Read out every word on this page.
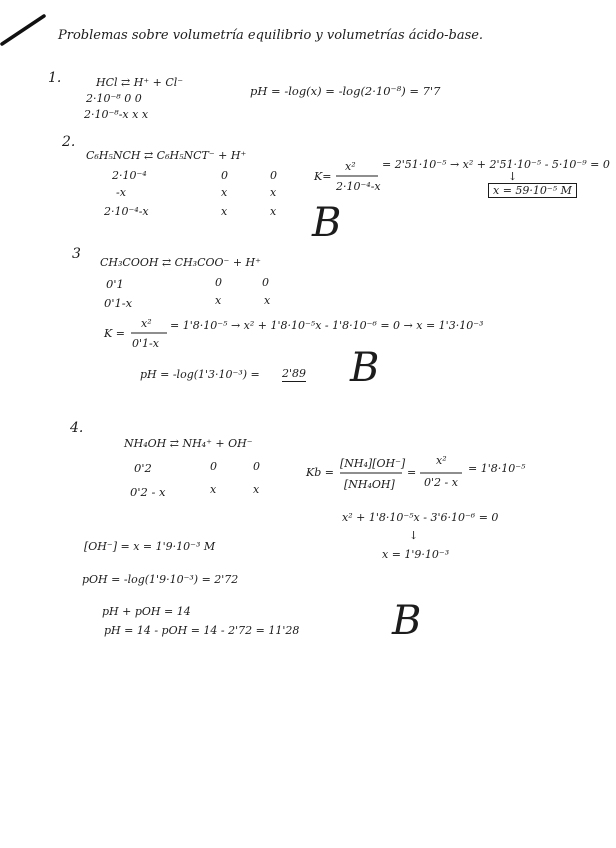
Problemas sobre volumetría equilibrio y volumetrías ácido-base.
1.	HCl ⇄ H⁺ + Cl⁻
2·10⁻⁸ 0 0
2·10⁻⁸-x x x
pH = -log(x) = -log(2·10⁻⁸) = 7'7
2.
C₆H₅NCH ⇄ C₆H₅NCT⁻ + H⁺
2·10⁻⁴	0	0
-x	x	x
2·10⁻⁴-x	x	x
K=
x²
2·10⁻⁴-x
= 2'51·10⁻⁵ → x² + 2'51·10⁻⁵ - 5·10⁻⁹ = 0
↓
x = 59·10⁻⁵ M
B
3
CH₃COOH ⇄ CH₃COO⁻ + H⁺
0'1	0	0
0'1-x	x	x
K =
x²
0'1-x
= 1'8·10⁻⁵ → x² + 1'8·10⁻⁵x - 1'8·10⁻⁶ = 0 → x = 1'3·10⁻³
pH = -log(1'3·10⁻³) = 2'89 B
4.
NH₄OH ⇄ NH₄⁺ + OH⁻
0'2	0	0
0'2 - x	x	x
Kb =
[NH₄][OH⁻]
[NH₄OH]
=
x²
0'2 - x
= 1'8·10⁻⁵
x² + 1'8·10⁻⁵x - 3'6·10⁻⁶ = 0
↓
x = 1'9·10⁻³
[OH⁻] = x = 1'9·10⁻³ M
pOH = -log(1'9·10⁻³) = 2'72
pH + pOH = 14
pH = 14 - pOH = 14 - 2'72 = 11'28 B
